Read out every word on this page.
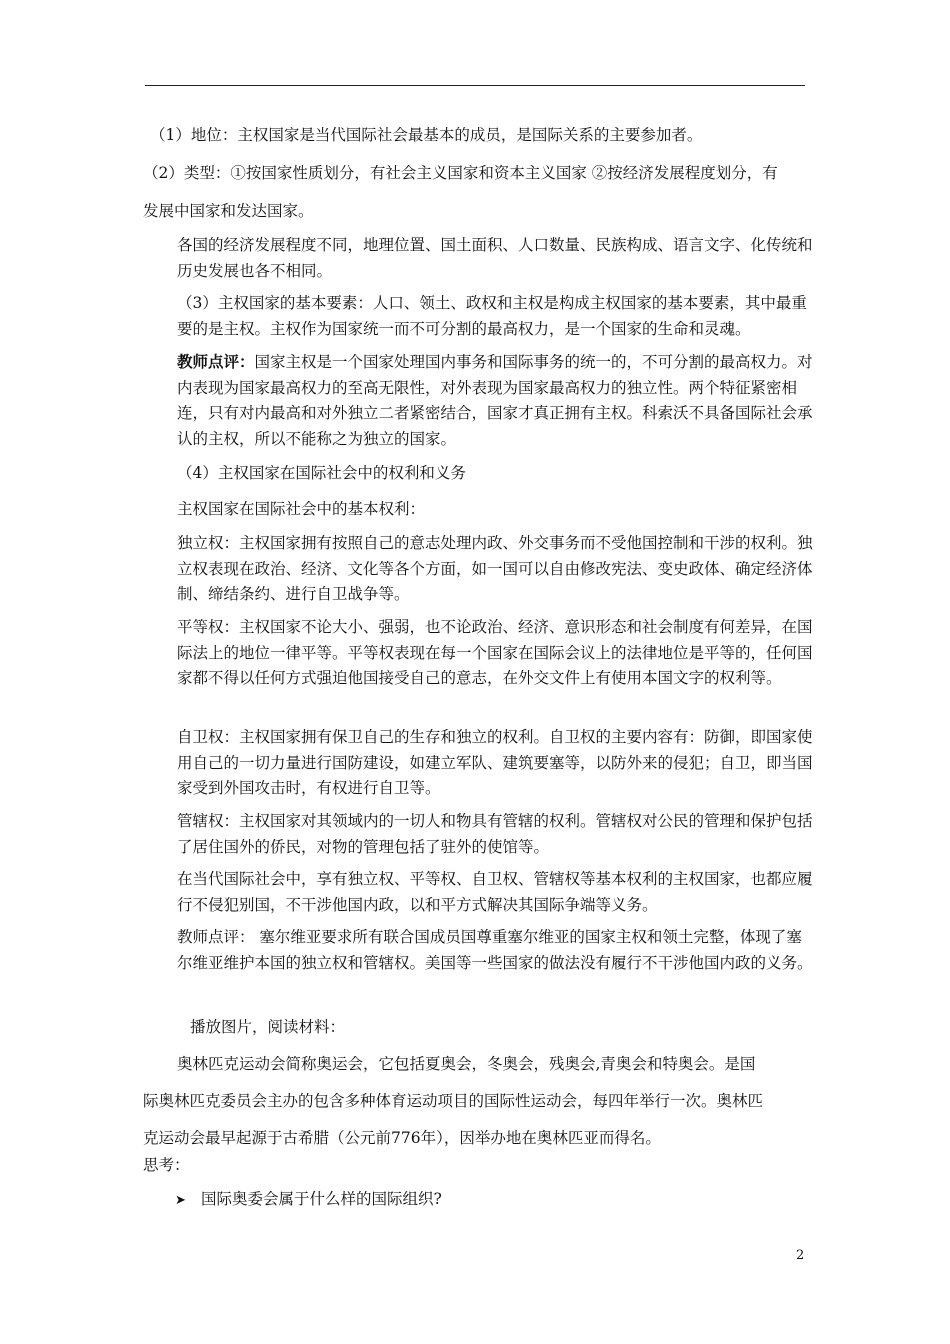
（1）地位：主权国家是当代国际社会最基本的成员，是国际关系的主要参加者。

（2）类型：①按国家性质划分，有社会主义国家和资本主义国家 ②按经济发展程度划分，有

发展中国家和发达国家。

各国的经济发展程度不同，地理位置、国土面积、人口数量、民族构成、语言文字、化传统和历史发展也各不相同。

（3）主权国家的基本要素：人口、领土、政权和主权是构成主权国家的基本要素，其中最重要的是主权。主权作为国家统一而不可分割的最高权力，是一个国家的生命和灵魂。

教师点评：国家主权是一个国家处理国内事务和国际事务的统一的，不可分割的最高权力。对内表现为国家最高权力的至高无限性，对外表现为国家最高权力的独立性。两个特征紧密相连，只有对内最高和对外独立二者紧密结合，国家才真正拥有主权。科索沃不具备国际社会承认的主权，所以不能称之为独立的国家。

（4）主权国家在国际社会中的权利和义务

主权国家在国际社会中的基本权利：

独立权：主权国家拥有按照自己的意志处理内政、外交事务而不受他国控制和干涉的权利。独立权表现在政治、经济、文化等各个方面，如一国可以自由修改宪法、变史政体、确定经济体制、缔结条约、进行自卫战争等。

平等权：主权国家不论大小、强弱，也不论政治、经济、意识形态和社会制度有何差异，在国际法上的地位一律平等。平等权表现在每一个国家在国际会议上的法律地位是平等的，任何国家都不得以任何方式强迫他国接受自己的意志，在外交文件上有使用本国文字的权利等。

自卫权：主权国家拥有保卫自己的生存和独立的权利。自卫权的主要内容有：防御，即国家使用自己的一切力量进行国防建设，如建立军队、建筑要塞等，以防外来的侵犯；自卫，即当国家受到外国攻击时，有权进行自卫等。

管辖权：主权国家对其领域内的一切人和物具有管辖的权利。管辖权对公民的管理和保护包括了居住国外的侨民，对物的管理包括了驻外的使馆等。

在当代国际社会中，享有独立权、平等权、自卫权、管辖权等基本权利的主权国家，也都应履行不侵犯别国，不干涉他国内政，以和平方式解决其国际争端等义务。

教师点评： 塞尔维亚要求所有联合国成员国尊重塞尔维亚的国家主权和领土完整，体现了塞尔维亚维护本国的独立权和管辖权。美国等一些国家的做法没有履行不干涉他国内政的义务。

播放图片，阅读材料：

奥林匹克运动会简称奥运会，它包括夏奥会，冬奥会，残奥会,青奥会和特奥会。是国

际奥林匹克委员会主办的包含多种体育运动项目的国际性运动会，每四年举行一次。奥林匹

克运动会最早起源于古希腊（公元前776年），因举办地在奥林匹亚而得名。

思考：

➤ 国际奥委会属于什么样的国际组织?
2
